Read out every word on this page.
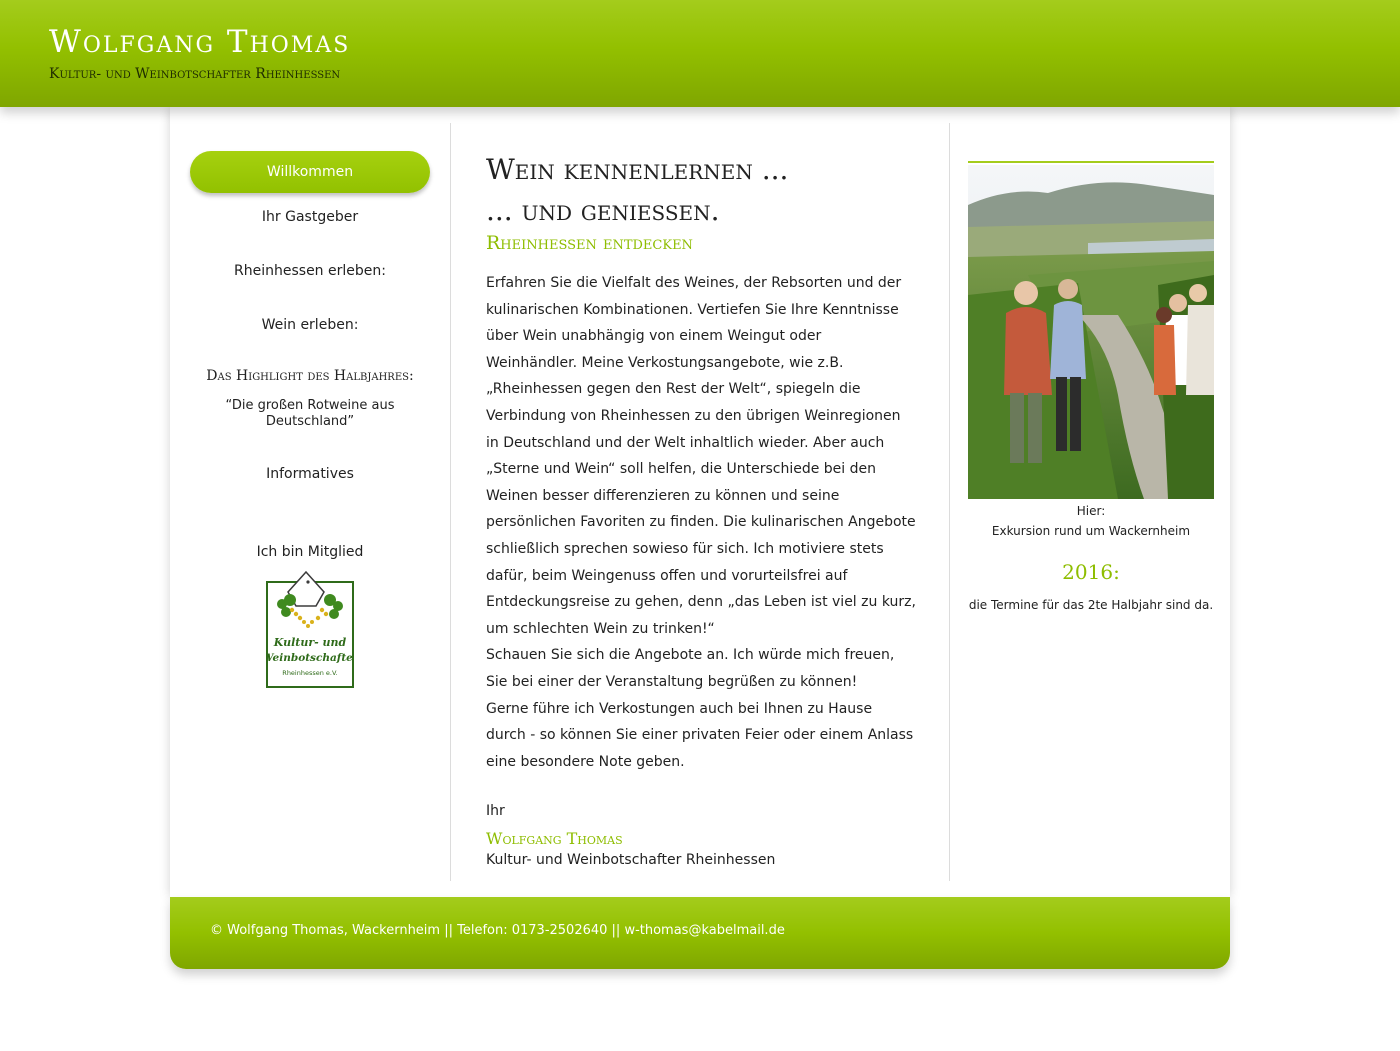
Wolfgang Thomas
Kultur- und Weinbotschafter Rheinhessen
Willkommen
Ihr Gastgeber
Rheinhessen erleben:
Wein erleben:
Das Highlight des Halbjahres:
“Die großen Rotweine aus Deutschland”
Informatives
Ich bin Mitglied
Kultur- und
Weinbotschafter
Rheinhessen e.V.
Wein kennenlernen ...
... und geniessen.
Rheinhessen entdecken

Erfahren Sie die Vielfalt des Weines, der Rebsorten und der kulinarischen Kombinationen. Vertiefen Sie Ihre Kenntnisse über Wein unabhängig von einem Weingut oder Weinhändler. Meine Verkostungsangebote, wie z.B. „Rheinhessen gegen den Rest der Welt“, spiegeln die Verbindung von Rheinhessen zu den übrigen Weinregionen in Deutschland und der Welt inhaltlich wieder. Aber auch „Sterne und Wein“ soll helfen, die Unterschiede bei den Weinen besser differenzieren zu können und seine persönlichen Favoriten zu finden. Die kulinarischen Angebote schließlich sprechen sowieso für sich. Ich motiviere stets dafür, beim Weingenuss offen und vorurteilsfrei auf Entdeckungsreise zu gehen, denn „das Leben ist viel zu kurz, um schlechten Wein zu trinken!“

Schauen Sie sich die Angebote an. Ich würde mich freuen, Sie bei einer der Veranstaltung begrüßen zu können!

Gerne führe ich Verkostungen auch bei Ihnen zu Hause durch - so können Sie einer privaten Feier oder einem Anlass eine besondere Note geben.

Ihr
Wolfgang Thomas
Kultur- und Weinbotschafter Rheinhessen
Hier:
Exkursion rund um Wackernheim
2016:
die Termine für das 2te Halbjahr sind da.
© Wolfgang Thomas, Wackernheim || Telefon: 0173-2502640 || w-thomas@kabelmail.de
